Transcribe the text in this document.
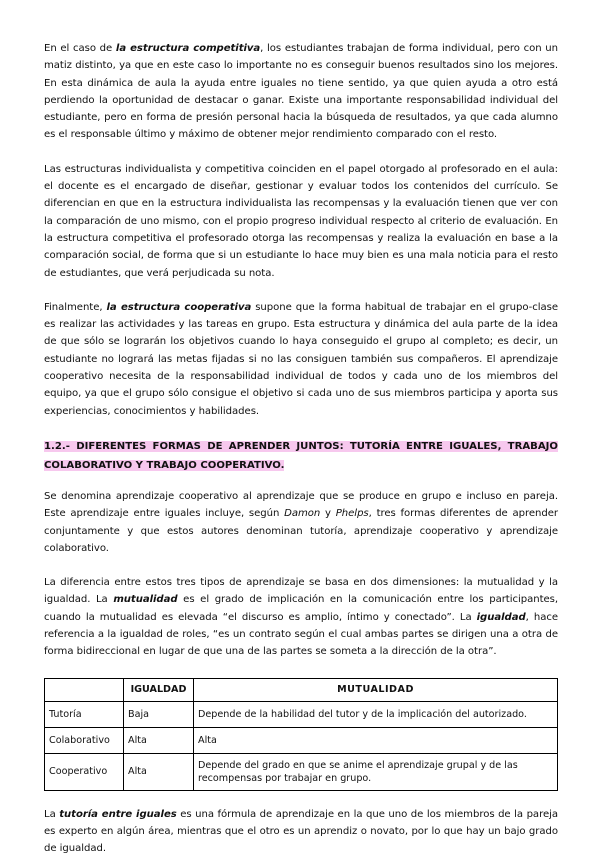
En el caso de la estructura competitiva, los estudiantes trabajan de forma individual, pero con un matiz distinto, ya que en este caso lo importante no es conseguir buenos resultados sino los mejores. En esta dinámica de aula la ayuda entre iguales no tiene sentido, ya que quien ayuda a otro está perdiendo la oportunidad de destacar o ganar. Existe una importante responsabilidad individual del estudiante, pero en forma de presión personal hacia la búsqueda de resultados, ya que cada alumno es el responsable último y máximo de obtener mejor rendimiento comparado con el resto.

Las estructuras individualista y competitiva coinciden en el papel otorgado al profesorado en el aula: el docente es el encargado de diseñar, gestionar y evaluar todos los contenidos del currículo. Se diferencian en que en la estructura individualista las recompensas y la evaluación tienen que ver con la comparación de uno mismo, con el propio progreso individual respecto al criterio de evaluación. En la estructura competitiva el profesorado otorga las recompensas y realiza la evaluación en base a la comparación social, de forma que si un estudiante lo hace muy bien es una mala noticia para el resto de estudiantes, que verá perjudicada su nota.

Finalmente, la estructura cooperativa supone que la forma habitual de trabajar en el grupo-clase es realizar las actividades y las tareas en grupo. Esta estructura y dinámica del aula parte de la idea de que sólo se lograrán los objetivos cuando lo haya conseguido el grupo al completo; es decir, un estudiante no logrará las metas fijadas si no las consiguen también sus compañeros. El aprendizaje cooperativo necesita de la responsabilidad individual de todos y cada uno de los miembros del equipo, ya que el grupo sólo consigue el objetivo si cada uno de sus miembros participa y aporta sus experiencias, conocimientos y habilidades.

1.2.- DIFERENTES FORMAS DE APRENDER JUNTOS: TUTORÍA ENTRE IGUALES, TRABAJO COLABORATIVO Y TRABAJO COOPERATIVO.

Se denomina aprendizaje cooperativo al aprendizaje que se produce en grupo e incluso en pareja. Este aprendizaje entre iguales incluye, según Damon y Phelps, tres formas diferentes de aprender conjuntamente y que estos autores denominan tutoría, aprendizaje cooperativo y aprendizaje colaborativo.

La diferencia entre estos tres tipos de aprendizaje se basa en dos dimensiones: la mutualidad y la igualdad. La mutualidad es el grado de implicación en la comunicación entre los participantes, cuando la mutualidad es elevada “el discurso es amplio, íntimo y conectado”. La igualdad, hace referencia a la igualdad de roles, “es un contrato según el cual ambas partes se dirigen una a otra de forma bidireccional en lugar de que una de las partes se someta a la dirección de la otra”.

	IGUALDAD	MUTUALIDAD
Tutoría	Baja	Depende de la habilidad del tutor y de la implicación del autorizado.
Colaborativo	Alta	Alta
Cooperativo	Alta	Depende del grado en que se anime el aprendizaje grupal y de las recompensas por trabajar en grupo.

La tutoría entre iguales es una fórmula de aprendizaje en la que uno de los miembros de la pareja es experto en algún área, mientras que el otro es un aprendiz o novato, por lo que hay un bajo grado de igualdad.
